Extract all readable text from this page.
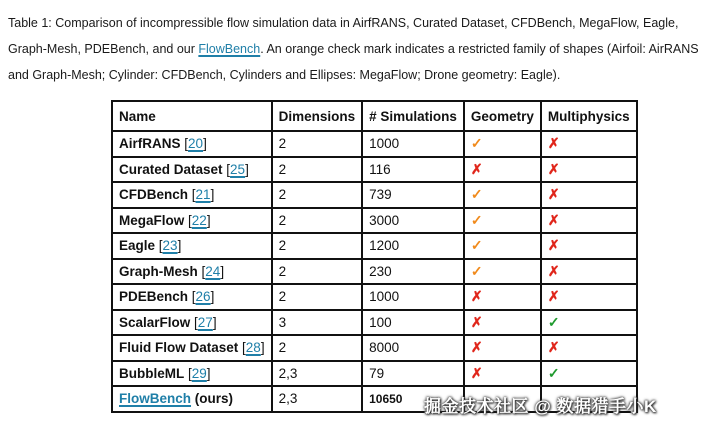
Table 1: Comparison of incompressible flow simulation data in AirfRANS, Curated Dataset, CFDBench, MegaFlow, Eagle, Graph-Mesh, PDEBench, and our FlowBench. An orange check mark indicates a restricted family of shapes (Airfoil: AirRANS and Graph-Mesh; Cylinder: CFDBench, Cylinders and Ellipses: MegaFlow; Drone geometry: Eagle).

Name	Dimensions	# Simulations	Geometry	Multiphysics
AirfRANS [20]	2	1000	✓	✗
Curated Dataset [25]	2	116	✗	✗
CFDBench [21]	2	739	✓	✗
MegaFlow [22]	2	3000	✓	✗
Eagle [23]	2	1200	✓	✗
Graph-Mesh [24]	2	230	✓	✗
PDEBench [26]	2	1000	✗	✗
ScalarFlow [27]	3	100	✗	✓
Fluid Flow Dataset [28]	2	8000	✗	✗
BubbleML [29]	2,3	79	✗	✓
FlowBench (ours)	2,3	10650		掘金技术社区 @ 数据猎手小K
